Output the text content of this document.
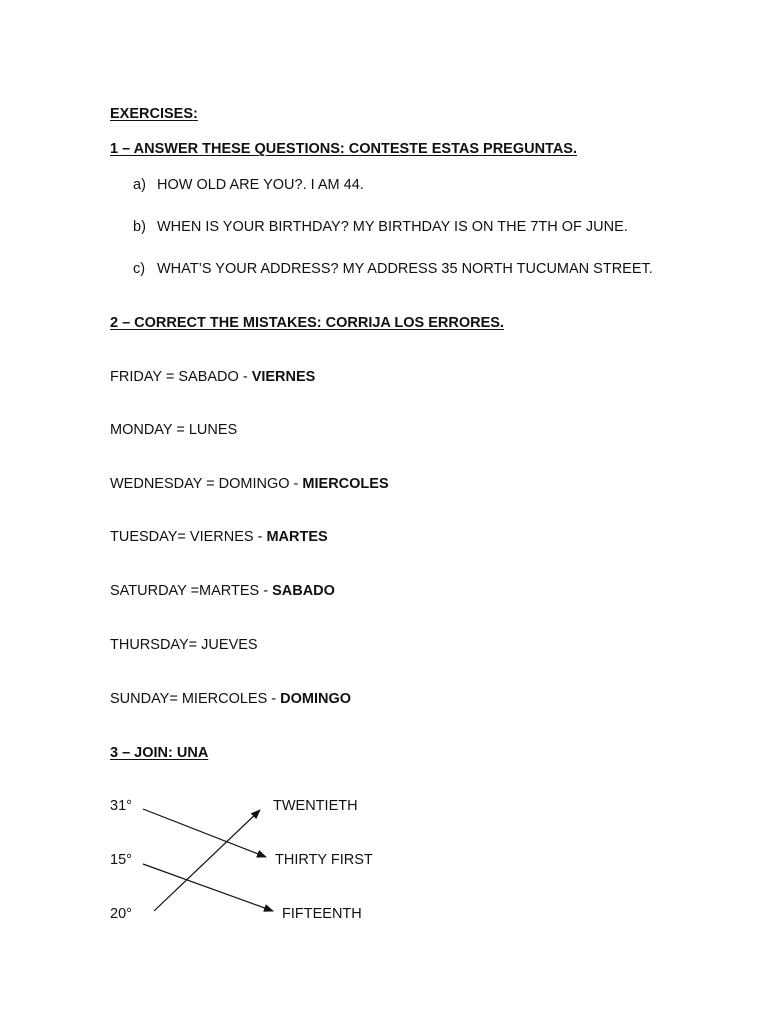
EXERCISES:
1 – ANSWER THESE QUESTIONS: CONTESTE ESTAS PREGUNTAS.
a) HOW OLD ARE YOU?. I AM 44.
b) WHEN IS YOUR BIRTHDAY? MY BIRTHDAY IS ON THE 7TH OF JUNE.
c) WHAT’S YOUR ADDRESS? MY ADDRESS 35 NORTH TUCUMAN STREET.
2 – CORRECT THE MISTAKES: CORRIJA LOS ERRORES.
FRIDAY = SABADO - VIERNES
MONDAY = LUNES
WEDNESDAY = DOMINGO - MIERCOLES
TUESDAY= VIERNES - MARTES
SATURDAY =MARTES - SABADO
THURSDAY= JUEVES
SUNDAY= MIERCOLES - DOMINGO
3 – JOIN: UNA
31°
15°
20°
TWENTIETH
THIRTY FIRST
FIFTEENTH
